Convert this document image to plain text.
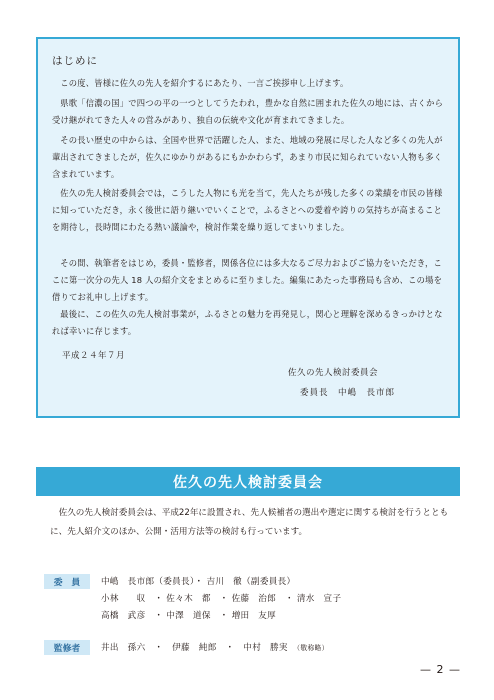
はじめに

この度、皆様に佐久の先人を紹介するにあたり、一言ご挨拶申し上げます。

県歌「信濃の国」で四つの平の一つとしてうたわれ，豊かな自然に囲まれた佐久の地には、古くから受け継がれてきた人々の営みがあり、独自の伝統や文化が育まれてきました。

その長い歴史の中からは、全国や世界で活躍した人、また、地域の発展に尽した人など多くの先人が輩出されてきましたが，佐久にゆかりがあるにもかかわらず，あまり市民に知られていない人物も多く含まれています。

佐久の先人検討委員会では，こうした人物にも光を当て，先人たちが残した多くの業績を市民の皆様に知っていただき，永く後世に語り継いでいくことで，ふるさとへの愛着や誇りの気持ちが高まることを期待し，長時間にわたる熱い議論や，検討作業を繰り返してまいりました。

その間、執筆者をはじめ，委員・監修者，関係各位には多大なるご尽力およびご協力をいただき，ここに第一次分の先人 18 人の紹介文をまとめるに至りました。編集にあたった事務局も含め、この場を借りてお礼申し上げます。

最後に、この佐久の先人検討事業が，ふるさとの魅力を再発見し，関心と理解を深めるきっかけとなれば幸いに存じます。

平成２４年７月
佐久の先人検討委員会
委員長　中嶋　長市郎
佐久の先人検討委員会

佐久の先人検討委員会は、平成22年に設置され、先人候補者の選出や選定に関する検討を行うとともに、先人紹介文のほか、公開・活用方法等の検討も行っています。

委　員	中嶋　長市郎（委員長）・ 吉川　徹（副委員長）
小林　　収　・ 佐々木　都　・ 佐藤　治郎　・ 清水　宣子
高橋　武彦　・ 中澤　道保　・ 増田　友厚
監修者	井出　孫六　・　伊藤　純郎　・　中村　勝実　（敬称略）
— 2 —
